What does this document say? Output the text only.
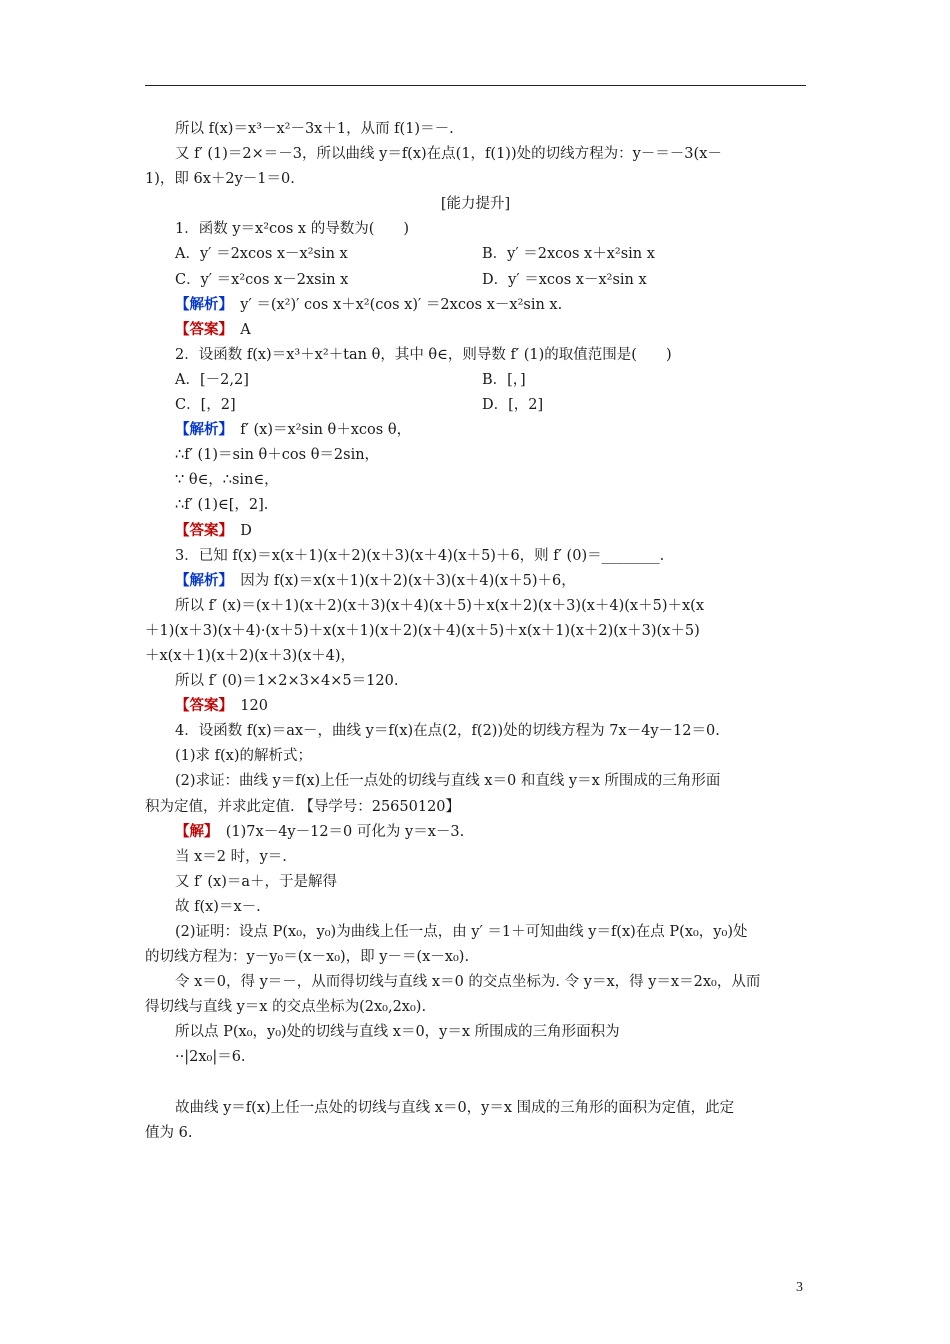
所以 f(x)＝x³－x²－3x＋1，从而 f(1)＝－.
又 f′ (1)＝2×＝－3，所以曲线 y＝f(x)在点(1，f(1))处的切线方程为：y－＝－3(x－
1)，即 6x＋2y－1＝0.
[能力提升]
1．函数 y＝x²cos x 的导数为(　　)
A．y′ ＝2xcos x－x²sin x	B．y′ ＝2xcos x＋x²sin x
C．y′ ＝x²cos x－2xsin x	D．y′ ＝xcos x－x²sin x
【解析】　y′ ＝(x²)′ cos x＋x²(cos x)′ ＝2xcos x－x²sin x.
【答案】　A
2．设函数 f(x)＝x³＋x²＋tan θ，其中 θ∈，则导数 f′ (1)的取值范围是(　　)
A．[－2,2]	B．[，]
C．[，2]	D．[，2]
【解析】　f′ (x)＝x²sin θ＋xcos θ，
∴f′ (1)＝sin θ＋cos θ＝2sin，
∵ θ∈，∴sin∈，
∴f′ (1)∈[，2].
【答案】　D
3．已知 f(x)＝x(x＋1)(x＋2)(x＋3)(x＋4)(x＋5)＋6，则 f′ (0)＝________.
【解析】　因为 f(x)＝x(x＋1)(x＋2)(x＋3)(x＋4)(x＋5)＋6，
所以 f′ (x)＝(x＋1)(x＋2)(x＋3)(x＋4)(x＋5)＋x(x＋2)(x＋3)(x＋4)(x＋5)＋x(x
＋1)(x＋3)(x＋4)·(x＋5)＋x(x＋1)(x＋2)(x＋4)(x＋5)＋x(x＋1)(x＋2)(x＋3)(x＋5)
＋x(x＋1)(x＋2)(x＋3)(x＋4)，
所以 f′ (0)＝1×2×3×4×5＝120.
【答案】　120
4．设函数 f(x)＝ax－，曲线 y＝f(x)在点(2，f(2))处的切线方程为 7x－4y－12＝0.
(1)求 f(x)的解析式；
(2)求证：曲线 y＝f(x)上任一点处的切线与直线 x＝0 和直线 y＝x 所围成的三角形面
积为定值，并求此定值. 【导学号：25650120】
【解】　(1)7x－4y－12＝0 可化为 y＝x－3.
当 x＝2 时，y＝.
又 f′ (x)＝a＋，于是解得
故 f(x)＝x－.
(2)证明：设点 P(x₀，y₀)为曲线上任一点，由 y′ ＝1＋可知曲线 y＝f(x)在点 P(x₀，y₀)处
的切线方程为：y－y₀＝(x－x₀)，即 y－＝(x－x₀).
令 x＝0，得 y＝－，从而得切线与直线 x＝0 的交点坐标为. 令 y＝x，得 y＝x＝2x₀，从而
得切线与直线 y＝x 的交点坐标为(2x₀,2x₀).
所以点 P(x₀，y₀)处的切线与直线 x＝0，y＝x 所围成的三角形面积为
··|2x₀|＝6.
故曲线 y＝f(x)上任一点处的切线与直线 x＝0，y＝x 围成的三角形的面积为定值，此定
值为 6.
3
